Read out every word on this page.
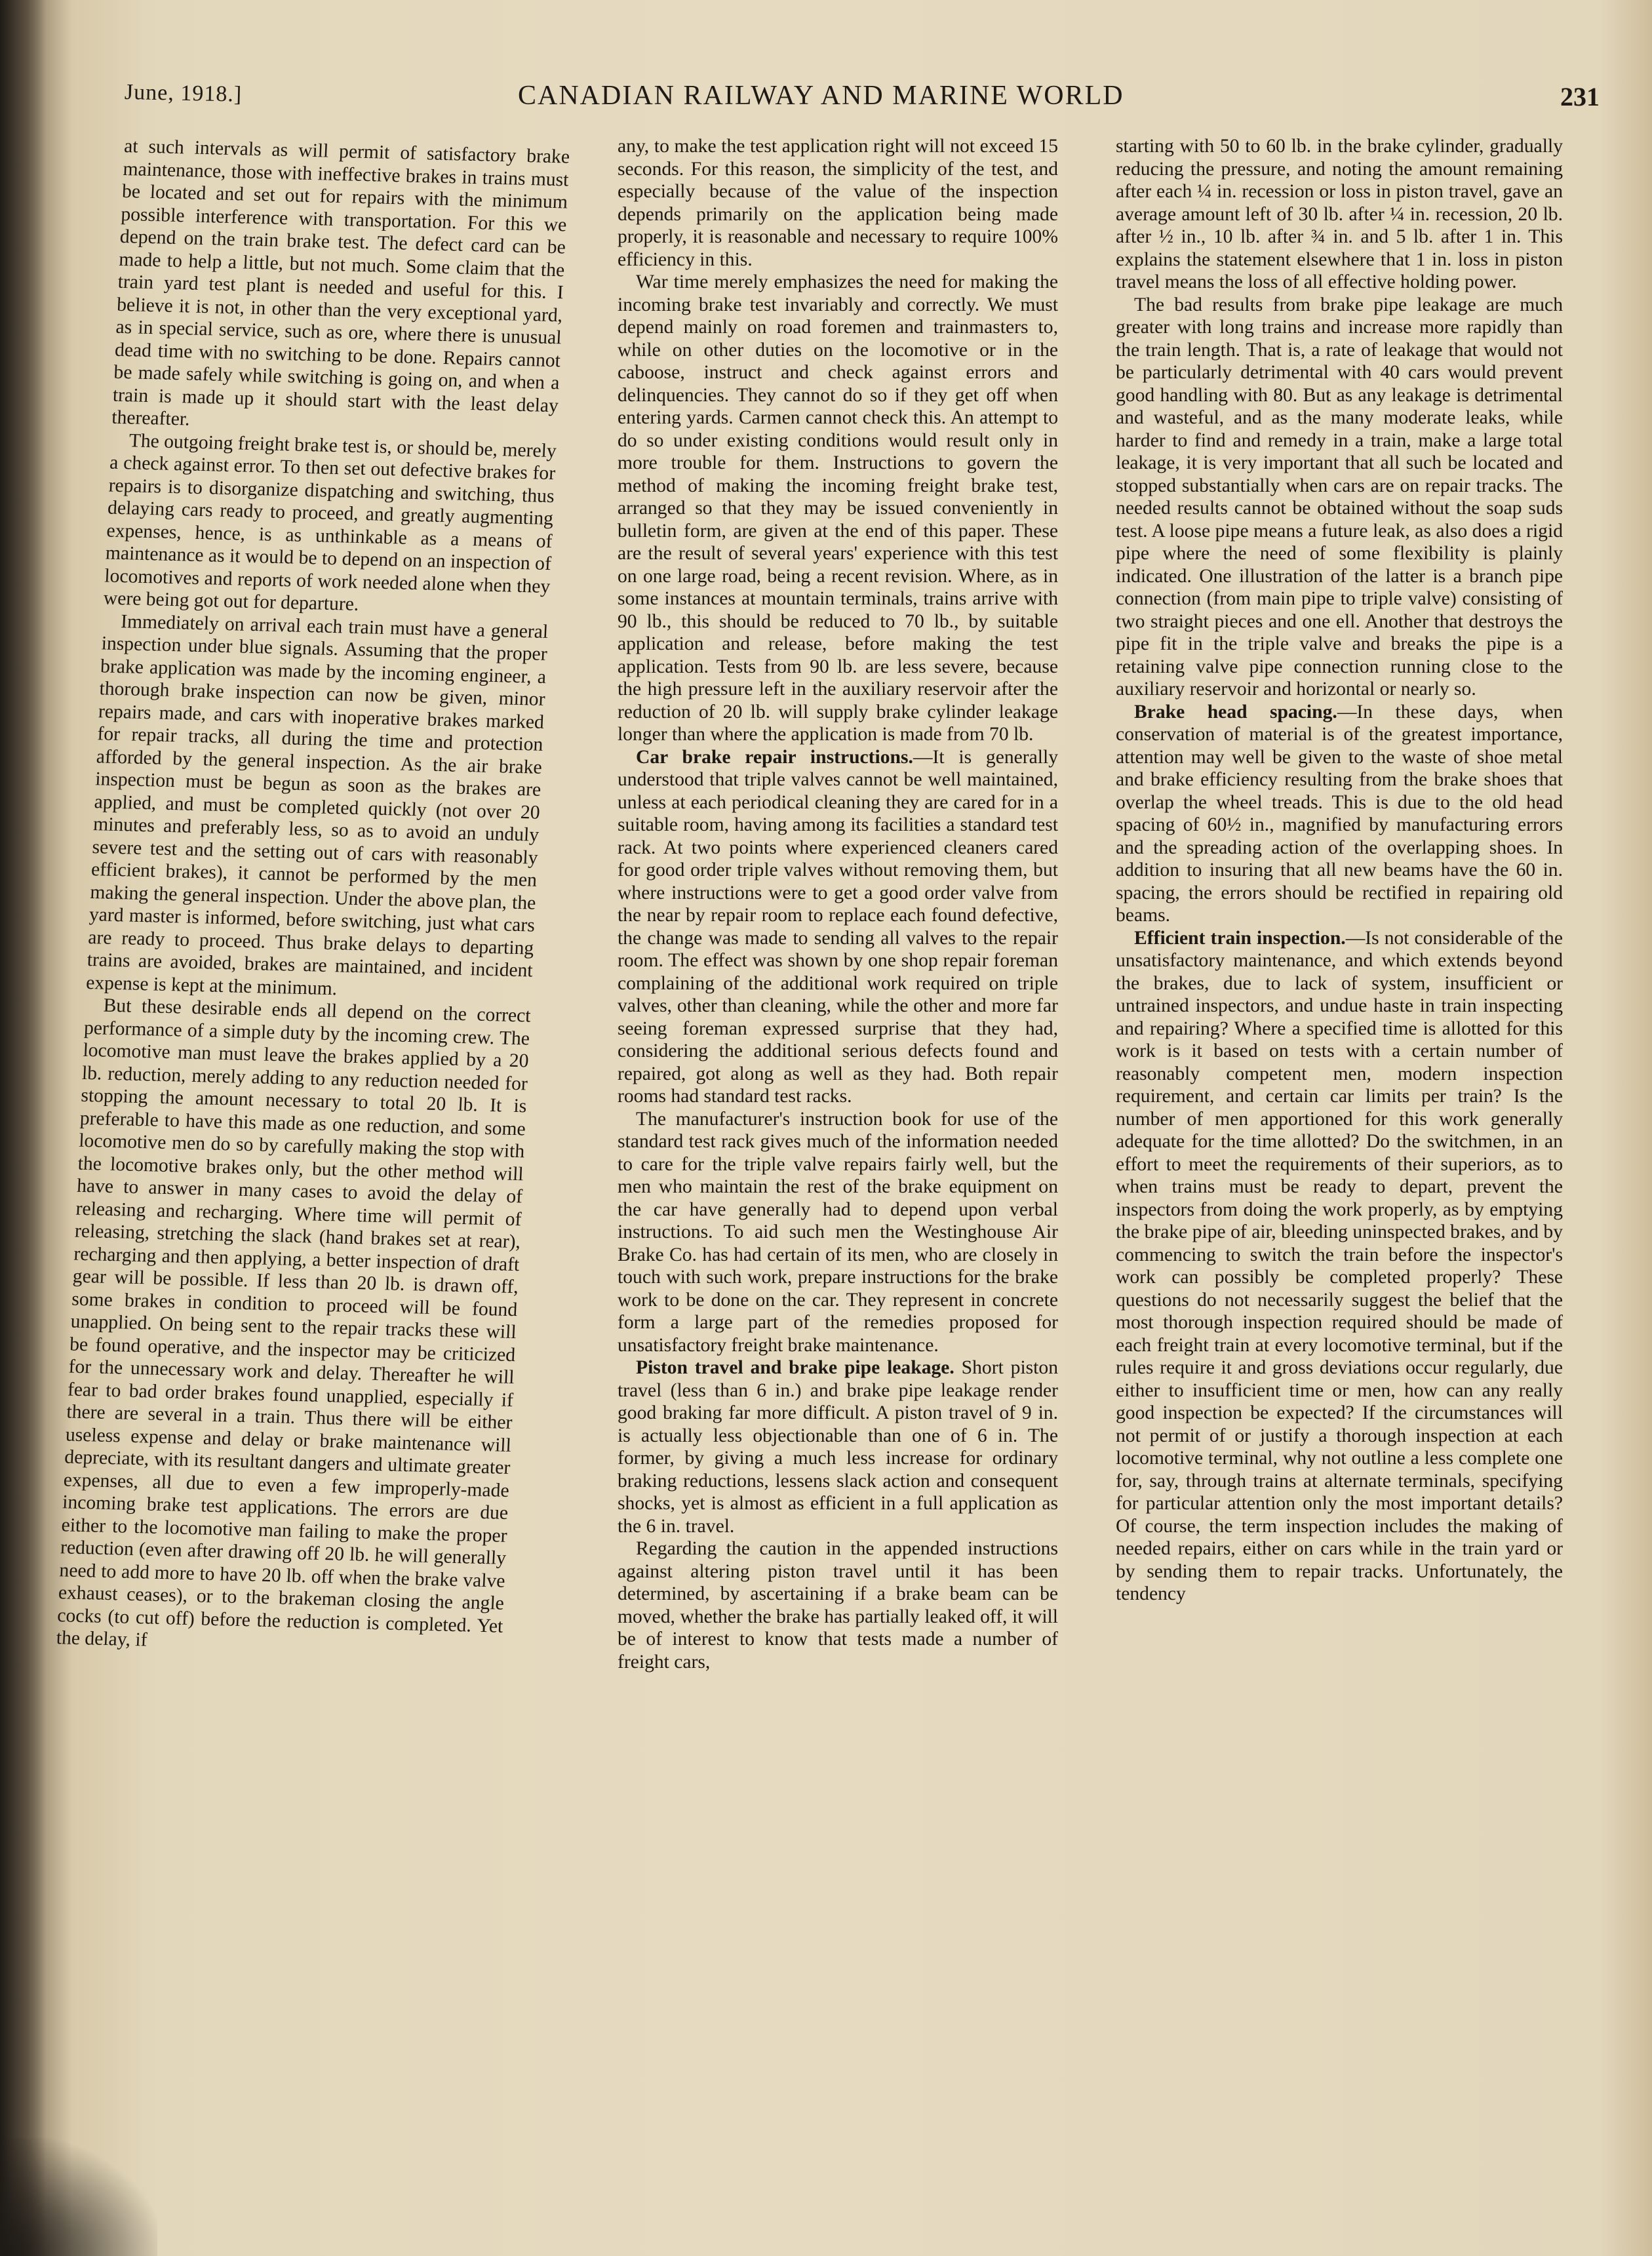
June, 1918.]	CANADIAN RAILWAY AND MARINE WORLD	231

at such intervals as will permit of satisfactory brake maintenance, those with ineffective brakes in trains must be located and set out for repairs with the minimum possible interference with transportation. For this we depend on the train brake test. The defect card can be made to help a little, but not much. Some claim that the train yard test plant is needed and useful for this. I believe it is not, in other than the very exceptional yard, as in special service, such as ore, where there is unusual dead time with no switching to be done. Repairs cannot be made safely while switching is going on, and when a train is made up it should start with the least delay thereafter.

The outgoing freight brake test is, or should be, merely a check against error. To then set out defective brakes for repairs is to disorganize dispatching and switching, thus delaying cars ready to proceed, and greatly augmenting expenses, hence, is as unthinkable as a means of maintenance as it would be to depend on an inspection of locomotives and reports of work needed alone when they were being got out for departure.

Immediately on arrival each train must have a general inspection under blue signals. Assuming that the proper brake application was made by the incoming engineer, a thorough brake inspection can now be given, minor repairs made, and cars with inoperative brakes marked for repair tracks, all during the time and protection afforded by the general inspection. As the air brake inspection must be begun as soon as the brakes are applied, and must be completed quickly (not over 20 minutes and preferably less, so as to avoid an unduly severe test and the setting out of cars with reasonably efficient brakes), it cannot be performed by the men making the general inspection. Under the above plan, the yard master is informed, before switching, just what cars are ready to proceed. Thus brake delays to departing trains are avoided, brakes are maintained, and incident expense is kept at the minimum.

But these desirable ends all depend on the correct performance of a simple duty by the incoming crew. The locomotive man must leave the brakes applied by a 20 lb. reduction, merely adding to any reduction needed for stopping the amount necessary to total 20 lb. It is preferable to have this made as one reduction, and some locomotive men do so by carefully making the stop with the locomotive brakes only, but the other method will have to answer in many cases to avoid the delay of releasing and recharging. Where time will permit of releasing, stretching the slack (hand brakes set at rear), recharging and then applying, a better inspection of draft gear will be possible. If less than 20 lb. is drawn off, some brakes in condition to proceed will be found unapplied. On being sent to the repair tracks these will be found operative, and the inspector may be criticized for the unnecessary work and delay. Thereafter he will fear to bad order brakes found unapplied, especially if there are several in a train. Thus there will be either useless expense and delay or brake maintenance will depreciate, with its resultant dangers and ultimate greater expenses, all due to even a few improperly-made incoming brake test applications. The errors are due either to the locomotive man failing to make the proper reduction (even after drawing off 20 lb. he will generally need to add more to have 20 lb. off when the brake valve exhaust ceases), or to the brakeman closing the angle cocks (to cut off) before the reduction is completed. Yet the delay, if

any, to make the test application right will not exceed 15 seconds. For this reason, the simplicity of the test, and especially because of the value of the inspection depends primarily on the application being made properly, it is reasonable and necessary to require 100% efficiency in this.

War time merely emphasizes the need for making the incoming brake test invariably and correctly. We must depend mainly on road foremen and trainmasters to, while on other duties on the locomotive or in the caboose, instruct and check against errors and delinquencies. They cannot do so if they get off when entering yards. Carmen cannot check this. An attempt to do so under existing conditions would result only in more trouble for them. Instructions to govern the method of making the incoming freight brake test, arranged so that they may be issued conveniently in bulletin form, are given at the end of this paper. These are the result of several years' experience with this test on one large road, being a recent revision. Where, as in some instances at mountain terminals, trains arrive with 90 lb., this should be reduced to 70 lb., by suitable application and release, before making the test application. Tests from 90 lb. are less severe, because the high pressure left in the auxiliary reservoir after the reduction of 20 lb. will supply brake cylinder leakage longer than where the application is made from 70 lb.

Car brake repair instructions.—It is generally understood that triple valves cannot be well maintained, unless at each periodical cleaning they are cared for in a suitable room, having among its facilities a standard test rack. At two points where experienced cleaners cared for good order triple valves without removing them, but where instructions were to get a good order valve from the near by repair room to replace each found defective, the change was made to sending all valves to the repair room. The effect was shown by one shop repair foreman complaining of the additional work required on triple valves, other than cleaning, while the other and more far seeing foreman expressed surprise that they had, considering the additional serious defects found and repaired, got along as well as they had. Both repair rooms had standard test racks.

The manufacturer's instruction book for use of the standard test rack gives much of the information needed to care for the triple valve repairs fairly well, but the men who maintain the rest of the brake equipment on the car have generally had to depend upon verbal instructions. To aid such men the Westinghouse Air Brake Co. has had certain of its men, who are closely in touch with such work, prepare instructions for the brake work to be done on the car. They represent in concrete form a large part of the remedies proposed for unsatisfactory freight brake maintenance.

Piston travel and brake pipe leakage. Short piston travel (less than 6 in.) and brake pipe leakage render good braking far more difficult. A piston travel of 9 in. is actually less objectionable than one of 6 in. The former, by giving a much less increase for ordinary braking reductions, lessens slack action and consequent shocks, yet is almost as efficient in a full application as the 6 in. travel.

Regarding the caution in the appended instructions against altering piston travel until it has been determined, by ascertaining if a brake beam can be moved, whether the brake has partially leaked off, it will be of interest to know that tests made a number of freight cars,

starting with 50 to 60 lb. in the brake cylinder, gradually reducing the pressure, and noting the amount remaining after each ¼ in. recession or loss in piston travel, gave an average amount left of 30 lb. after ¼ in. recession, 20 lb. after ½ in., 10 lb. after ¾ in. and 5 lb. after 1 in. This explains the statement elsewhere that 1 in. loss in piston travel means the loss of all effective holding power.

The bad results from brake pipe leakage are much greater with long trains and increase more rapidly than the train length. That is, a rate of leakage that would not be particularly detrimental with 40 cars would prevent good handling with 80. But as any leakage is detrimental and wasteful, and as the many moderate leaks, while harder to find and remedy in a train, make a large total leakage, it is very important that all such be located and stopped substantially when cars are on repair tracks. The needed results cannot be obtained without the soap suds test. A loose pipe means a future leak, as also does a rigid pipe where the need of some flexibility is plainly indicated. One illustration of the latter is a branch pipe connection (from main pipe to triple valve) consisting of two straight pieces and one ell. Another that destroys the pipe fit in the triple valve and breaks the pipe is a retaining valve pipe connection running close to the auxiliary reservoir and horizontal or nearly so.

Brake head spacing.—In these days, when conservation of material is of the greatest importance, attention may well be given to the waste of shoe metal and brake efficiency resulting from the brake shoes that overlap the wheel treads. This is due to the old head spacing of 60½ in., magnified by manufacturing errors and the spreading action of the overlapping shoes. In addition to insuring that all new beams have the 60 in. spacing, the errors should be rectified in repairing old beams.

Efficient train inspection.—Is not considerable of the unsatisfactory maintenance, and which extends beyond the brakes, due to lack of system, insufficient or untrained inspectors, and undue haste in train inspecting and repairing? Where a specified time is allotted for this work is it based on tests with a certain number of reasonably competent men, modern inspection requirement, and certain car limits per train? Is the number of men apportioned for this work generally adequate for the time allotted? Do the switchmen, in an effort to meet the requirements of their superiors, as to when trains must be ready to depart, prevent the inspectors from doing the work properly, as by emptying the brake pipe of air, bleeding uninspected brakes, and by commencing to switch the train before the inspector's work can possibly be completed properly? These questions do not necessarily suggest the belief that the most thorough inspection required should be made of each freight train at every locomotive terminal, but if the rules require it and gross deviations occur regularly, due either to insufficient time or men, how can any really good inspection be expected? If the circumstances will not permit of or justify a thorough inspection at each locomotive terminal, why not outline a less complete one for, say, through trains at alternate terminals, specifying for particular attention only the most important details? Of course, the term inspection includes the making of needed repairs, either on cars while in the train yard or by sending them to repair tracks. Unfortunately, the tendency
